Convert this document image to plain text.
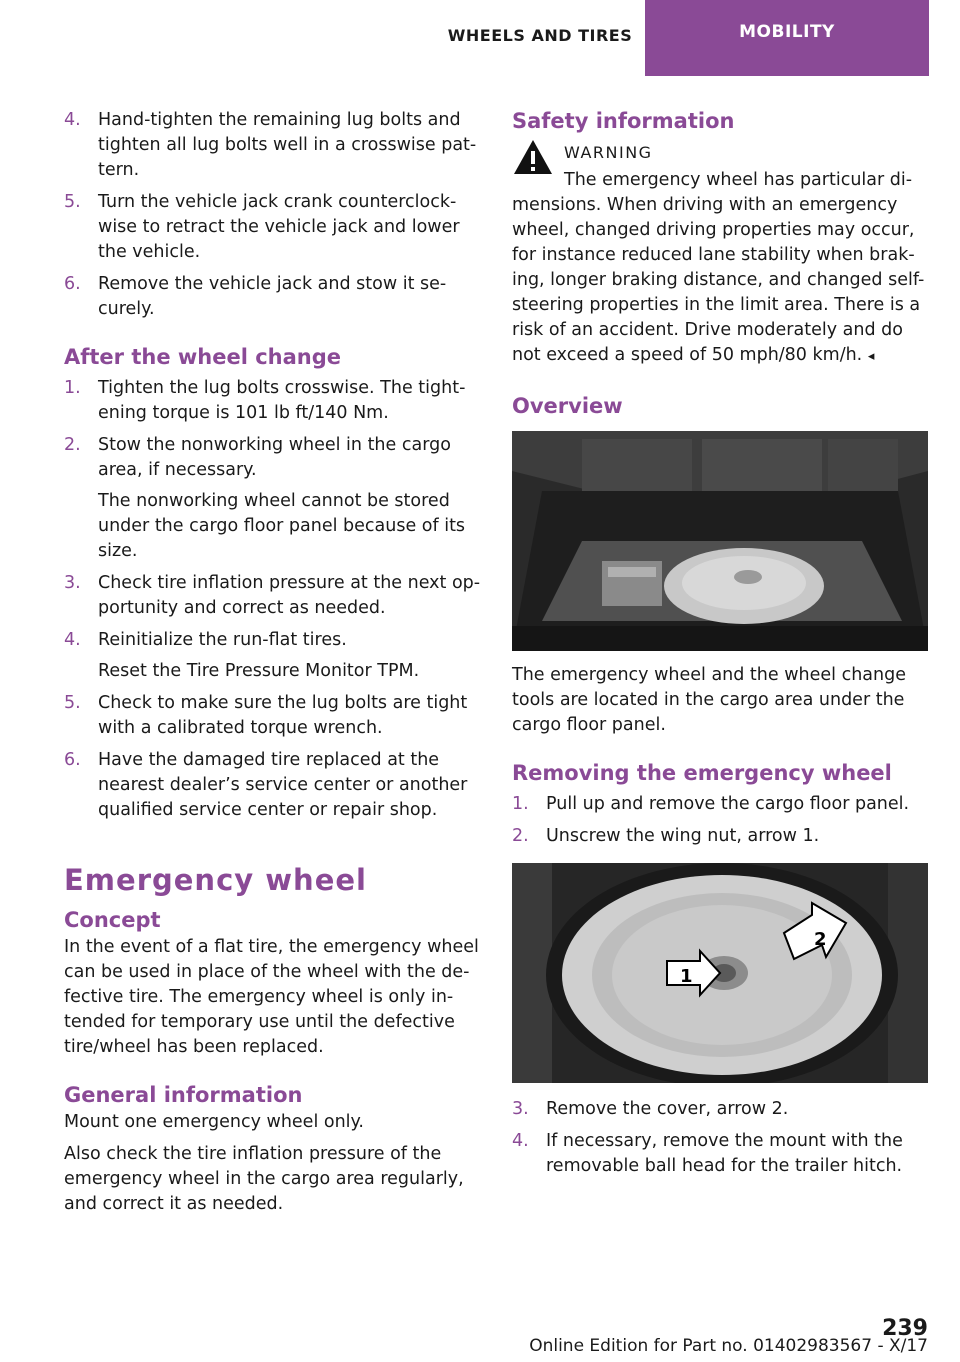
WHEELS AND TIRES	MOBILITY
4. Hand-tighten the remaining lug bolts and tighten all lug bolts well in a crosswise pattern.

5. Turn the vehicle jack crank counterclockwise to retract the vehicle jack and lower the vehicle.

6. Remove the vehicle jack and stow it securely.

After the wheel change
1. Tighten the lug bolts crosswise. The tightening torque is 101 lb ft/140 Nm.

2. Stow the nonworking wheel in the cargo area, if necessary.

The nonworking wheel cannot be stored under the cargo floor panel because of its size.

3. Check tire inflation pressure at the next opportunity and correct as needed.

4. Reinitialize the run-flat tires.

Reset the Tire Pressure Monitor TPM.

5. Check to make sure the lug bolts are tight with a calibrated torque wrench.

6. Have the damaged tire replaced at the nearest dealer’s service center or another qualified service center or repair shop.

Emergency wheel
Concept

In the event of a flat tire, the emergency wheel can be used in place of the wheel with the defective tire. The emergency wheel is only intended for temporary use until the defective tire/wheel has been replaced.

General information

Mount one emergency wheel only.

Also check the tire inflation pressure of the emergency wheel in the cargo area regularly, and correct it as needed.

Safety information
WARNING

The emergency wheel has particular dimensions. When driving with an emergency wheel, changed driving properties may occur, for instance reduced lane stability when braking, longer braking distance, and changed self-steering properties in the limit area. There is a risk of an accident. Drive moderately and do not exceed a speed of 50 mph/80 km/h. ◂

Overview

The emergency wheel and the wheel change tools are located in the cargo area under the cargo floor panel.

Removing the emergency wheel
1. Pull up and remove the cargo floor panel.

2. Unscrew the wing nut, arrow 1.

1
2
3. Remove the cover, arrow 2.

4. If necessary, remove the mount with the removable ball head for the trailer hitch.

239
Online Edition for Part no. 01402983567 - X/17
